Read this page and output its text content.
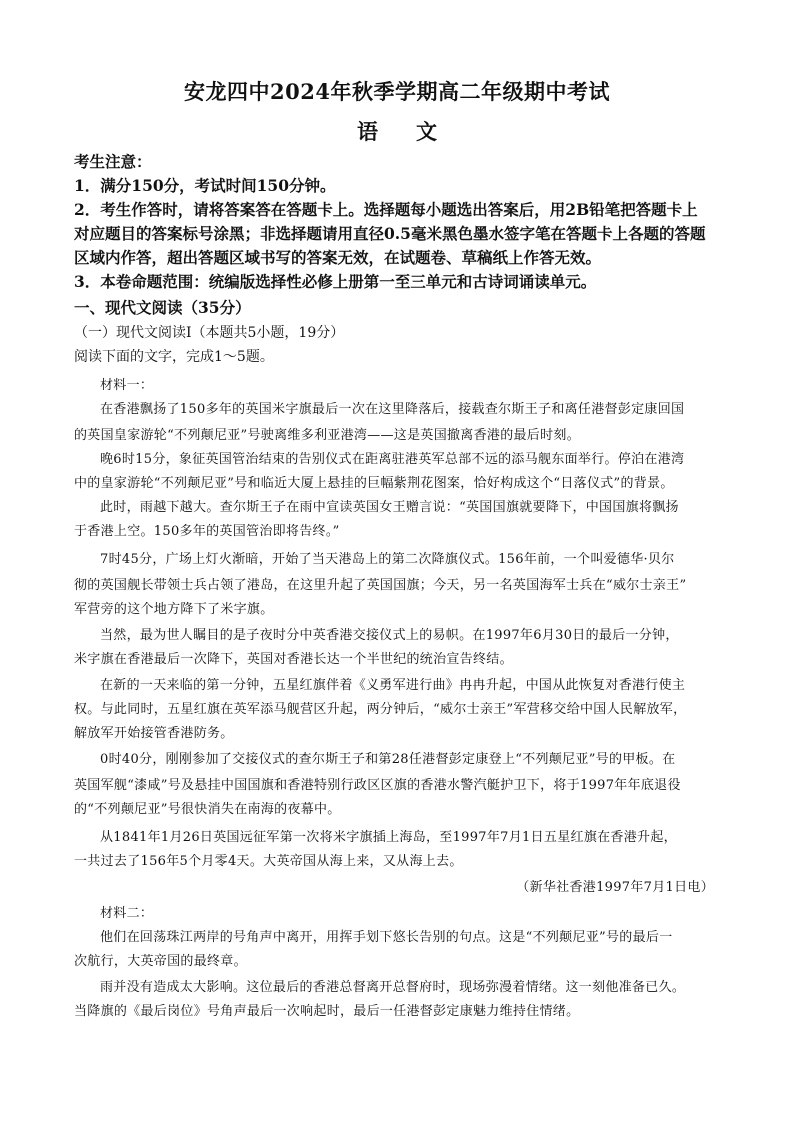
安龙四中2024年秋季学期高二年级期中考试
语文
考生注意：
1．满分150分，考试时间150分钟。
2．考生作答时，请将答案答在答题卡上。选择题每小题选出答案后，用2B铅笔把答题卡上
对应题目的答案标号涂黑；非选择题请用直径0.5毫米黑色墨水签字笔在答题卡上各题的答题
区域内作答，超出答题区域书写的答案无效，在试题卷、草稿纸上作答无效。
3．本卷命题范围：统编版选择性必修上册第一至三单元和古诗词诵读单元。
一、现代文阅读（35分）
（一）现代文阅读Ⅰ（本题共5小题，19分）
阅读下面的文字，完成1～5题。
材料一：
在香港飘扬了150多年的英国米字旗最后一次在这里降落后，接载查尔斯王子和离任港督彭定康回国
的英国皇家游轮“不列颠尼亚”号驶离维多利亚港湾——这是英国撤离香港的最后时刻。
晚6时15分，象征英国管治结束的告别仪式在距离驻港英军总部不远的添马舰东面举行。停泊在港湾
中的皇家游轮“不列颠尼亚”号和临近大厦上悬挂的巨幅紫荆花图案，恰好构成这个“日落仪式”的背景。
此时，雨越下越大。查尔斯王子在雨中宣读英国女王赠言说：“英国国旗就要降下，中国国旗将飘扬
于香港上空。150多年的英国管治即将告终。”
7时45分，广场上灯火渐暗，开始了当天港岛上的第二次降旗仪式。156年前，一个叫爱德华·贝尔
彻的英国舰长带领士兵占领了港岛，在这里升起了英国国旗；今天，另一名英国海军士兵在“威尔士亲王”
军营旁的这个地方降下了米字旗。
当然，最为世人瞩目的是子夜时分中英香港交接仪式上的易帜。在1997年6月30日的最后一分钟，
米字旗在香港最后一次降下，英国对香港长达一个半世纪的统治宣告终结。
在新的一天来临的第一分钟，五星红旗伴着《义勇军进行曲》冉冉升起，中国从此恢复对香港行使主
权。与此同时，五星红旗在英军添马舰营区升起，两分钟后，“威尔士亲王”军营移交给中国人民解放军，
解放军开始接管香港防务。
0时40分，刚刚参加了交接仪式的查尔斯王子和第28任港督彭定康登上“不列颠尼亚”号的甲板。在
英国军舰“漆咸”号及悬挂中国国旗和香港特别行政区区旗的香港水警汽艇护卫下，将于1997年年底退役
的“不列颠尼亚”号很快消失在南海的夜幕中。
从1841年1月26日英国远征军第一次将米字旗插上海岛，至1997年7月1日五星红旗在香港升起，
一共过去了156年5个月零4天。大英帝国从海上来，又从海上去。
（新华社香港1997年7月1日电）
材料二：
他们在回荡珠江两岸的号角声中离开，用挥手划下悠长告别的句点。这是“不列颠尼亚”号的最后一
次航行，大英帝国的最终章。
雨并没有造成太大影响。这位最后的香港总督离开总督府时，现场弥漫着情绪。这一刻他准备已久。
当降旗的《最后岗位》号角声最后一次响起时，最后一任港督彭定康魅力维持住情绪。
